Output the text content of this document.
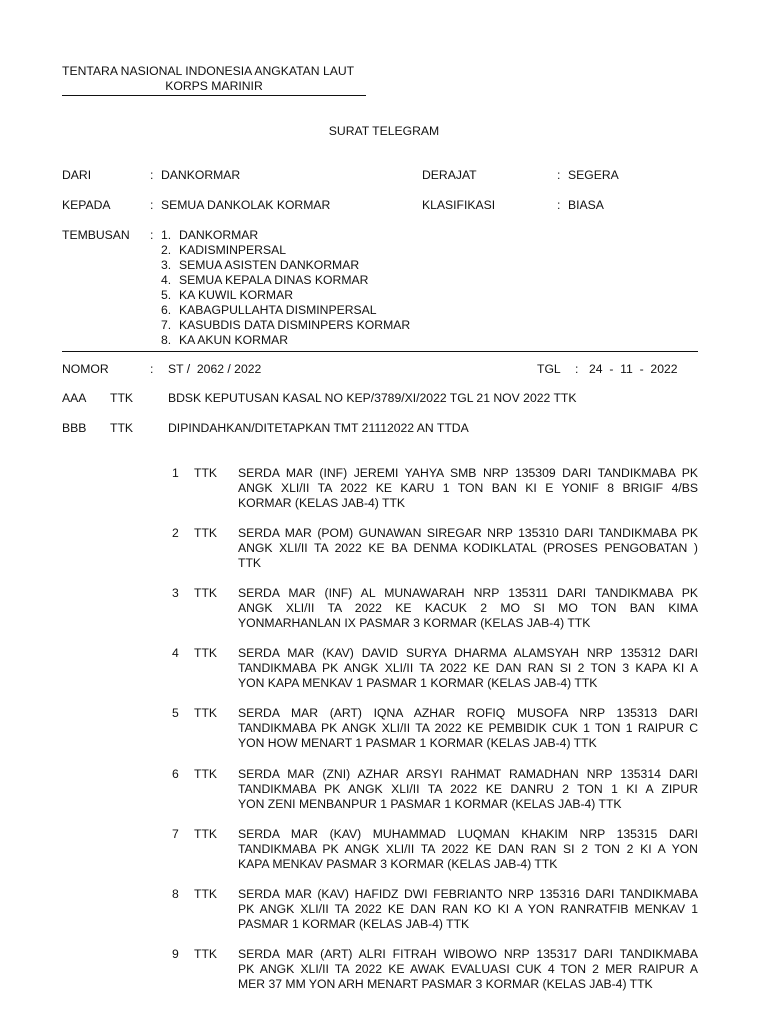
TENTARA NASIONAL INDONESIA ANGKATAN LAUT
KORPS MARINIR
SURAT TELEGRAM
DARI	: DANKORMAR	DERAJAT	: SEGERA
KEPADA	: SEMUA DANKOLAK KORMAR	KLASIFIKASI	: BIASA
TEMBUSAN : 1. DANKORMAR
2. KADISMINPERSAL
3. SEMUA ASISTEN DANKORMAR
4. SEMUA KEPALA DINAS KORMAR
5. KA KUWIL KORMAR
6. KABAGPULLAHTA DISMINPERSAL
7. KASUBDIS DATA DISMINPERS KORMAR
8. KA AKUN KORMAR
NOMOR	: ST /  2062 / 2022	TGL : 24  -  11  -  2022
AAA TTK	BDSK KEPUTUSAN KASAL NO KEP/3789/XI/2022 TGL 21 NOV 2022 TTK
BBB TTK	DIPINDAHKAN/DITETAPKAN TMT 21112022 AN TTDA
1 TTK SERDA MAR (INF) JEREMI YAHYA SMB NRP 135309 DARI TANDIKMABA PK
ANGK XLI/II TA 2022 KE KARU 1 TON BAN KI E YONIF 8 BRIGIF 4/BS
KORMAR (KELAS JAB-4) TTK
2 TTK SERDA MAR (POM) GUNAWAN SIREGAR NRP 135310 DARI TANDIKMABA PK
ANGK XLI/II TA 2022 KE BA DENMA KODIKLATAL (PROSES PENGOBATAN )
TTK
3 TTK SERDA MAR (INF) AL MUNAWARAH NRP 135311 DARI TANDIKMABA PK
ANGK XLI/II TA 2022 KE KACUK 2 MO SI MO TON BAN KIMA
YONMARHANLAN IX PASMAR 3 KORMAR (KELAS JAB-4) TTK
4 TTK SERDA MAR (KAV) DAVID SURYA DHARMA ALAMSYAH NRP 135312 DARI
TANDIKMABA PK ANGK XLI/II TA 2022 KE DAN RAN SI 2 TON 3 KAPA KI A
YON KAPA MENKAV 1 PASMAR 1 KORMAR (KELAS JAB-4) TTK
5 TTK SERDA MAR (ART) IQNA AZHAR ROFIQ MUSOFA NRP 135313 DARI
TANDIKMABA PK ANGK XLI/II TA 2022 KE PEMBIDIK CUK 1 TON 1 RAIPUR C
YON HOW MENART 1 PASMAR 1 KORMAR (KELAS JAB-4) TTK
6 TTK SERDA MAR (ZNI) AZHAR ARSYI RAHMAT RAMADHAN NRP 135314 DARI
TANDIKMABA PK ANGK XLI/II TA 2022 KE DANRU 2 TON 1 KI A ZIPUR
YON ZENI MENBANPUR 1 PASMAR 1 KORMAR (KELAS JAB-4) TTK
7 TTK SERDA MAR (KAV) MUHAMMAD LUQMAN KHAKIM NRP 135315 DARI
TANDIKMABA PK ANGK XLI/II TA 2022 KE DAN RAN SI 2 TON 2 KI A YON
KAPA MENKAV PASMAR 3 KORMAR (KELAS JAB-4) TTK
8 TTK SERDA MAR (KAV) HAFIDZ DWI FEBRIANTO NRP 135316 DARI TANDIKMABA
PK ANGK XLI/II TA 2022 KE DAN RAN KO KI A YON RANRATFIB MENKAV 1
PASMAR 1 KORMAR (KELAS JAB-4) TTK
9 TTK SERDA MAR (ART) ALRI FITRAH WIBOWO NRP 135317 DARI TANDIKMABA
PK ANGK XLI/II TA 2022 KE AWAK EVALUASI CUK 4 TON 2 MER RAIPUR A
MER 37 MM YON ARH MENART PASMAR 3 KORMAR (KELAS JAB-4) TTK
